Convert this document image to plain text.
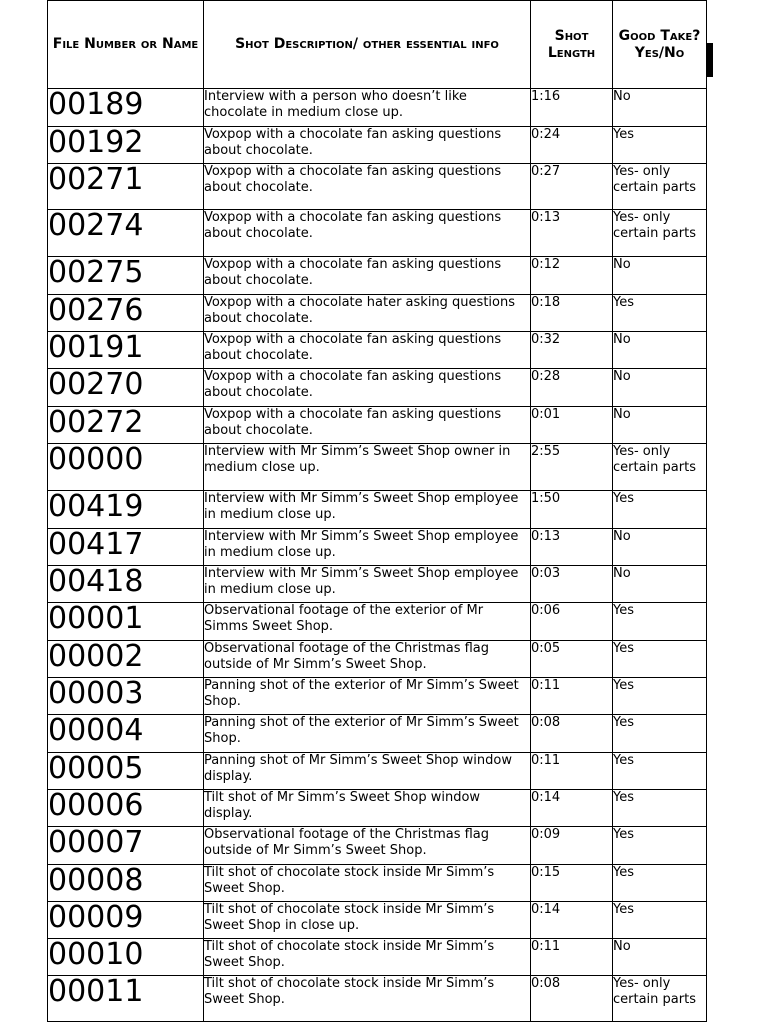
File Number or Name	Shot Description/ other essential info	Shot Length	Good Take? Yes/No
00189	Interview with a person who doesn’t like chocolate in medium close up.	1:16	No
00192	Voxpop with a chocolate fan asking questions about chocolate.	0:24	Yes
00271	Voxpop with a chocolate fan asking questions about chocolate.	0:27	Yes- only certain parts
00274	Voxpop with a chocolate fan asking questions about chocolate.	0:13	Yes- only certain parts
00275	Voxpop with a chocolate fan asking questions about chocolate.	0:12	No
00276	Voxpop with a chocolate hater asking questions about chocolate.	0:18	Yes
00191	Voxpop with a chocolate fan asking questions about chocolate.	0:32	No
00270	Voxpop with a chocolate fan asking questions about chocolate.	0:28	No
00272	Voxpop with a chocolate fan asking questions about chocolate.	0:01	No
00000	Interview with Mr Simm’s Sweet Shop owner in medium close up.	2:55	Yes- only certain parts
00419	Interview with Mr Simm’s Sweet Shop employee in medium close up.	1:50	Yes
00417	Interview with Mr Simm’s Sweet Shop employee in medium close up.	0:13	No
00418	Interview with Mr Simm’s Sweet Shop employee in medium close up.	0:03	No
00001	Observational footage of the exterior of Mr Simms Sweet Shop.	0:06	Yes
00002	Observational footage of the Christmas flag outside of Mr Simm’s Sweet Shop.	0:05	Yes
00003	Panning shot of the exterior of Mr Simm’s Sweet Shop.	0:11	Yes
00004	Panning shot of the exterior of Mr Simm’s Sweet Shop.	0:08	Yes
00005	Panning shot of Mr Simm’s Sweet Shop window display.	0:11	Yes
00006	Tilt shot of Mr Simm’s Sweet Shop window display.	0:14	Yes
00007	Observational footage of the Christmas flag outside of Mr Simm’s Sweet Shop.	0:09	Yes
00008	Tilt shot of chocolate stock inside Mr Simm’s Sweet Shop.	0:15	Yes
00009	Tilt shot of chocolate stock inside Mr Simm’s Sweet Shop in close up.	0:14	Yes
00010	Tilt shot of chocolate stock inside Mr Simm’s Sweet Shop.	0:11	No
00011	Tilt shot of chocolate stock inside Mr Simm’s Sweet Shop.	0:08	Yes- only certain parts
